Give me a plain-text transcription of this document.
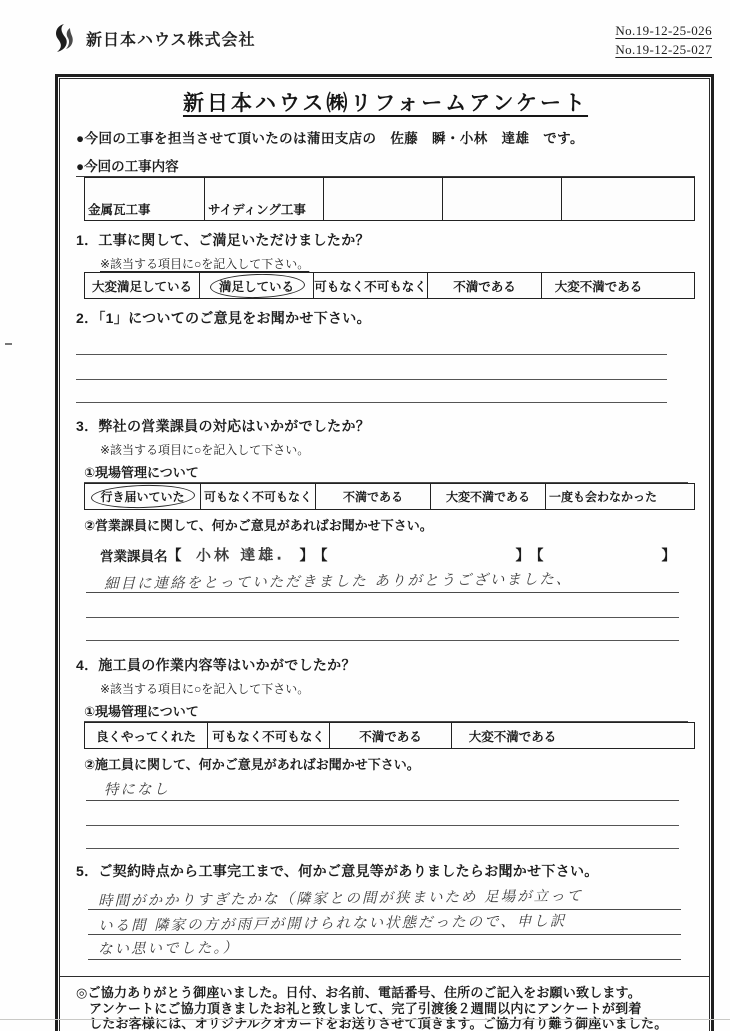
新日本ハウス株式会社
No.19-12-25-026
No.19-12-25-027
新日本ハウス㈱リフォームアンケート
●今回の工事を担当させて頂いたのは蒲田支店の　佐藤　瞬・小林　達雄　です。
●今回の工事内容
金属瓦工事	サイディング工事
1．工事に関して、ご満足いただけましたか？
※該当する項目に○を記入して下さい。
大変満足している	満足している 可もなく不可もなく	不満である	大変不満である
2．「1」についてのご意見をお聞かせ下さい。
3．弊社の営業課員の対応はいかがでしたか？
※該当する項目に○を記入して下さい。
①現場管理について
行き届いていた	可もなく不可もなく	不満である	大変不満である	一度も会わなかった
②営業課員に関して、何かご意見があればお聞かせ下さい。
営業課員名 【 小林 達雄.	】 【	】 【	】
細目に連絡をとっていただきました ありがとうございました、
4．施工員の作業内容等はいかがでしたか？
※該当する項目に○を記入して下さい。
①現場管理について
良くやってくれた	可もなく不可もなく	不満である	大変不満である
②施工員に関して、何かご意見があればお聞かせ下さい。
特になし
5．ご契約時点から工事完工まで、何かご意見等がありましたらお聞かせ下さい。
時間がかかりすぎたかな（隣家との間が狭まいため 足場が立って
いる間 隣家の方が雨戸が開けられない状態だったので、申し訳
ない思いでした。）
◎ご協力ありがとう御座いました。日付、お名前、電話番号、住所のご記入をお願い致します。
アンケートにご協力頂きましたお礼と致しまして、完了引渡後２週間以内にアンケートが到着
したお客様には、オリジナルクオカードをお送りさせて頂きます。ご協力有り難う御座いました。
